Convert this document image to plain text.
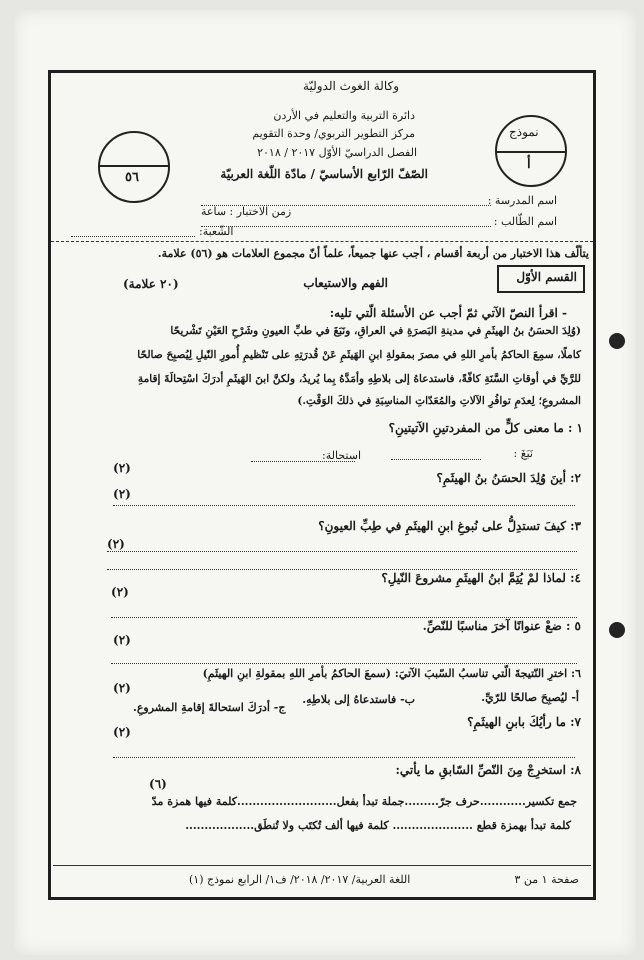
وكالة الغوث الدوليّة
دائرة التربية والتعليم في الأردن
مركز التطوير التربوي/ وحدة التقويم
الفصل الدراسيّ الأوّل ٢٠١٧ / ٢٠١٨
الصّفّ الرّابع الأساسيّ / مادّة اللّغة العربيّة
نموذج
أ
٥٦
اسم المدرسة :
اسم الطّالب :
زمن الاختبار : ساعة
الشّعبة:
يتألّف هذا الاختبار من أربعة أقسام ، أجب عنها جميعاً، علماً أنّ مجموع العلامات هو (٥٦) علامة.
القسم الأوّل
الفهم والاستيعاب
(٢٠ علامة)
- اقرأ النصّ الآتي ثمّ أجب عن الأسئلة الّتي تليه:
(وُلِدَ الحسَنُ بنُ الهيثَمِ في مدينةِ البَصرَةِ في العراقِ، ونَبَغَ في طبِّ العيونِ وشَرْحِ العَيْنِ تَشْريحًا
كاملًا، سمِعَ الحاكمُ بأمرِ اللهِ في مصرَ بمقولةِ ابنِ الهَيثَمِ عَنْ قُدرَتِهِ على تَنْظيمِ أُمورِ النّيلِ لِيُصبِحَ صالحًا
للرَّيِّ في أوقاتِ السَّنَةِ كافّةً، فاستدعاهُ إلى بلاطِهِ وأمَدَّهُ بِما يُريدُ، ولكنَّ ابنَ الهَيثَمِ أدرَكَ اسْتِحالَةَ إقامةِ
المشروعِ؛ لِعدَمِ توافُرِ الآلاتِ والمُعَدّاتِ المناسِبَةِ في ذلكَ الوَقْتِ.)
١ : ما معنى كلٍّ من المفردتينِ الآتيتينِ؟
نَبَغَ :
استحالة:
(٢)
٢: أينَ وُلِدَ الحسَنُ بنُ الهيثَمِ؟
(٢)
٣: كيفَ تستدِلُّ على نُبوغِ ابنِ الهيثَمِ في طِبِّ العيونِ؟
(٢)
٤: لماذا لمْ يُتِمَّ ابنُ الهيثَمِ مشروعَ النّيلِ؟
(٢)
٥ : ضعْ عنوانًا آخرَ مناسبًا للنّصِّ.
(٢)
٦: اخترِ النّتيجةَ الّتي تناسبُ السّببَ الآتيَ: (سمعَ الحاكمُ بأمرِ اللهِ بمقولةِ ابنِ الهيثَمِ)
(٢)
أ- ليُصبِحَ صالحًا للرّيِّ.
ب- فاستدعاهُ إلى بلاطِهِ.
ج- أدرَكَ استحالةَ إقامةِ المشروعِ.
٧: ما رأيُكَ بابنِ الهيثَمِ؟
(٢)
٨: استخرِجْ مِنَ النّصِّ السّابقِ ما يأتي:
(٦)
جمع تكسير............حرف جرّ.........جملة تبدأ بفعل..........................كلمة فيها همزة مدّ
كلمة تبدأ بهمزة قطع ..................... كلمة فيها ألف تُكتَب ولا تُنطَق..................
صفحة ١ من ٣
اللغة العربية/ ٢٠١٧/ ٢٠١٨/ ف١/ الرابع نموذج (١)
